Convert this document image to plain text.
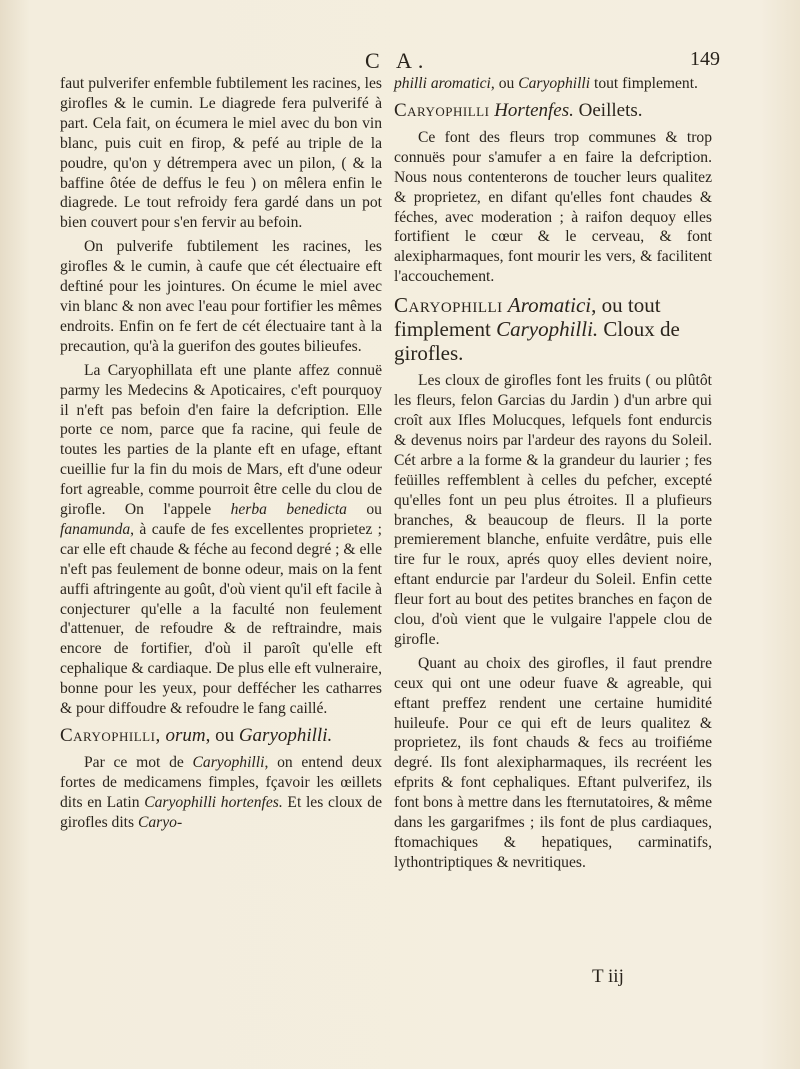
C A.	149

faut pulverifer enfemble fubtilement les racines, les girofles & le cumin. Le diagrede fera pulverifé à part. Cela fait, on écumera le miel avec du bon vin blanc, puis cuit en firop, & pefé au triple de la poudre, qu'on y détrempera avec un pilon, ( & la baffine ôtée de deffus le feu ) on mêlera enfin le diagrede. Le tout refroidy fera gardé dans un pot bien couvert pour s'en fervir au befoin.

On pulverife fubtilement les racines, les girofles & le cumin, à caufe que cét électuaire eft deftiné pour les jointures. On écume le miel avec vin blanc & non avec l'eau pour fortifier les mêmes endroits. Enfin on fe fert de cét électuaire tant à la precaution, qu'à la guerifon des goutes bilieufes.

La Caryophillata eft une plante affez connuë parmy les Medecins & Apoticaires, c'eft pourquoy il n'eft pas befoin d'en faire la defcription. Elle porte ce nom, parce que fa racine, qui feule de toutes les parties de la plante eft en ufage, eftant cueillie fur la fin du mois de Mars, eft d'une odeur fort agreable, comme pourroit être celle du clou de girofle. On l'appele herba benedicta ou fanamunda, à caufe de fes excellentes proprietez ; car elle eft chaude & féche au fecond degré ; & elle n'eft pas feulement de bonne odeur, mais on la fent auffi aftringente au goût, d'où vient qu'il eft facile à conjecturer qu'elle a la faculté non feulement d'attenuer, de refoudre & de reftraindre, mais encore de fortifier, d'où il paroît qu'elle eft cephalique & cardiaque. De plus elle eft vulneraire, bonne pour les yeux, pour deffécher les catharres & pour diffoudre & refoudre le fang caillé.

Caryophilli, orum, ou Garyophilli.

Par ce mot de Caryophilli, on entend deux fortes de medicamens fimples, fçavoir les œillets dits en Latin Caryophilli hortenfes. Et les cloux de girofles dits Caryo-

philli aromatici, ou Caryophilli tout fimplement.

Caryophilli Hortenfes. Oeillets.

Ce font des fleurs trop communes & trop connuës pour s'amufer a en faire la defcription. Nous nous contenterons de toucher leurs qualitez & proprietez, en difant qu'elles font chaudes & féches, avec moderation ; à raifon dequoy elles fortifient le cœur & le cerveau, & font alexipharmaques, font mourir les vers, & facilitent l'accouchement.

Caryophilli Aromatici, ou tout fimplement Caryophilli. Cloux de girofles.

Les cloux de girofles font les fruits ( ou plûtôt les fleurs, felon Garcias du Jardin ) d'un arbre qui croît aux Ifles Molucques, lefquels font endurcis & devenus noirs par l'ardeur des rayons du Soleil. Cét arbre a la forme & la grandeur du laurier ; fes feüilles reffemblent à celles du pefcher, excepté qu'elles font un peu plus étroites. Il a plufieurs branches, & beaucoup de fleurs. Il la porte premierement blanche, enfuite verdâtre, puis elle tire fur le roux, aprés quoy elles devient noire, eftant endurcie par l'ardeur du Soleil. Enfin cette fleur fort au bout des petites branches en façon de clou, d'où vient que le vulgaire l'appele clou de girofle.

Quant au choix des girofles, il faut prendre ceux qui ont une odeur fuave & agreable, qui eftant preffez rendent une certaine humidité huileufe. Pour ce qui eft de leurs qualitez & proprietez, ils font chauds & fecs au troifiéme degré. Ils font alexipharmaques, ils recréent les efprits & font cephaliques. Eftant pulverifez, ils font bons à mettre dans les fternutatoires, & même dans les gargarifmes ; ils font de plus cardiaques, ftomachiques & hepatiques, carminatifs, lythontriptiques & nevritiques.

T iij
